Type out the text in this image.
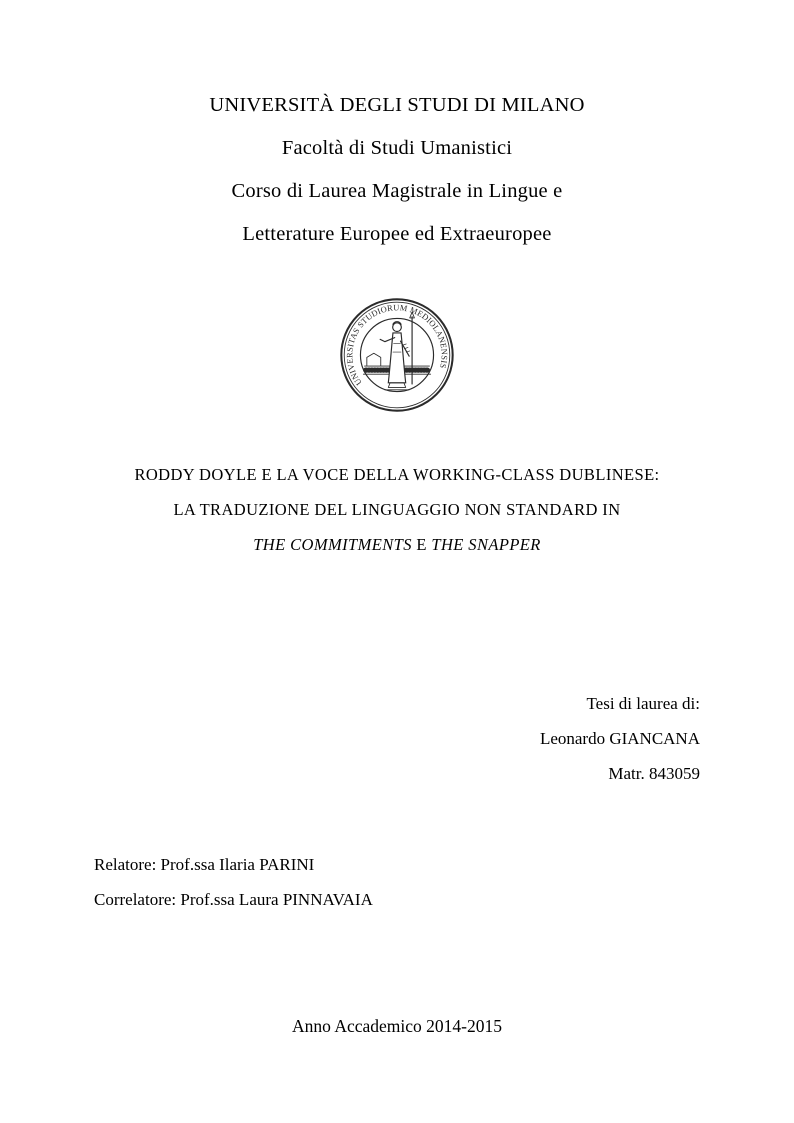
UNIVERSITÀ DEGLI STUDI DI MILANO
Facoltà di Studi Umanistici
Corso di Laurea Magistrale in Lingue e
Letterature Europee ed Extraeuropee
UNIVERSITAS STUDIORUM MEDIOLANENSIS
RODDY DOYLE E LA VOCE DELLA WORKING-CLASS DUBLINESE:
LA TRADUZIONE DEL LINGUAGGIO NON STANDARD IN
THE COMMITMENTS E THE SNAPPER
Tesi di laurea di:
Leonardo GIANCANA
Matr. 843059
Relatore: Prof.ssa Ilaria PARINI
Correlatore: Prof.ssa Laura PINNAVAIA
Anno Accademico 2014-2015
